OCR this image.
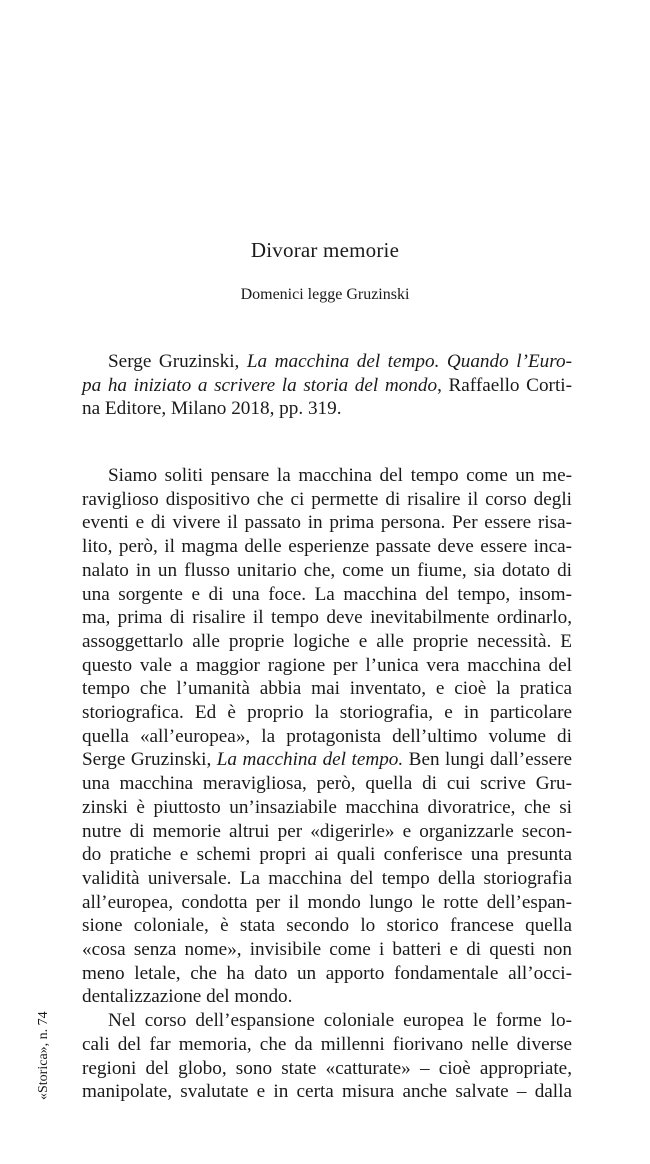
Divorar memorie
Domenici legge Gruzinski
Serge Gruzinski, La macchina del tempo. Quando l’Euro-
pa ha iniziato a scrivere la storia del mondo, Raffaello Corti-
na Editore, Milano 2018, pp. 319.
Siamo soliti pensare la macchina del tempo come un me-
raviglioso dispositivo che ci permette di risalire il corso degli
eventi e di vivere il passato in prima persona. Per essere risa-
lito, però, il magma delle esperienze passate deve essere inca-
nalato in un flusso unitario che, come un fiume, sia dotato di
una sorgente e di una foce. La macchina del tempo, insom-
ma, prima di risalire il tempo deve inevitabilmente ordinarlo,
assoggettarlo alle proprie logiche e alle proprie necessità. E
questo vale a maggior ragione per l’unica vera macchina del
tempo che l’umanità abbia mai inventato, e cioè la pratica
storiografica. Ed è proprio la storiografia, e in particolare
quella «all’europea», la protagonista dell’ultimo volume di
Serge Gruzinski, La macchina del tempo. Ben lungi dall’essere
una macchina meravigliosa, però, quella di cui scrive Gru-
zinski è piuttosto un’insaziabile macchina divoratrice, che si
nutre di memorie altrui per «digerirle» e organizzarle secon-
do pratiche e schemi propri ai quali conferisce una presunta
validità universale. La macchina del tempo della storiografia
all’europea, condotta per il mondo lungo le rotte dell’espan-
sione coloniale, è stata secondo lo storico francese quella
«cosa senza nome», invisibile come i batteri e di questi non
meno letale, che ha dato un apporto fondamentale all’occi-
dentalizzazione del mondo.
Nel corso dell’espansione coloniale europea le forme lo-
cali del far memoria, che da millenni fiorivano nelle diverse
regioni del globo, sono state «catturate» – cioè appropriate,
manipolate, svalutate e in certa misura anche salvate – dalla
«Storica», n. 74
